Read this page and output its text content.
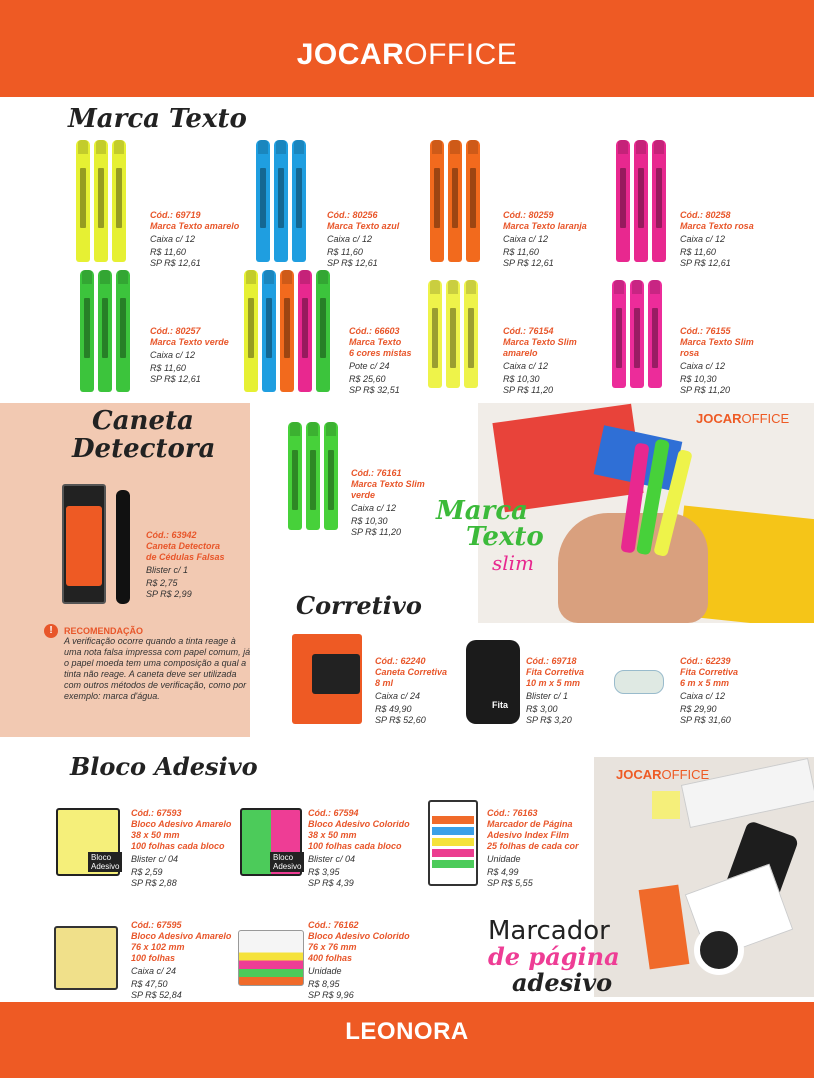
JOCAROFFICE
Marca Texto
Cód.: 69719
Marca Texto amarelo
Caixa c/ 12
R$ 11,60
SP R$ 12,61
Cód.: 80256
Marca Texto azul
Caixa c/ 12
R$ 11,60
SP R$ 12,61
Cód.: 80259
Marca Texto laranja
Caixa c/ 12
R$ 11,60
SP R$ 12,61
Cód.: 80258
Marca Texto rosa
Caixa c/ 12
R$ 11,60
SP R$ 12,61
Cód.: 80257
Marca Texto verde
Caixa c/ 12
R$ 11,60
SP R$ 12,61
Cód.: 66603
Marca Texto
6 cores mistas
Pote c/ 24
R$ 25,60
SP R$ 32,51
Cód.: 76154
Marca Texto Slim
amarelo
Caixa c/ 12
R$ 10,30
SP R$ 11,20
Cód.: 76155
Marca Texto Slim
rosa
Caixa c/ 12
R$ 10,30
SP R$ 11,20
Caneta
Detectora
Cód.: 63942
Caneta Detectora
de Cédulas Falsas
Blister c/ 1
R$ 2,75
SP R$ 2,99
!	RECOMENDAÇÃO
A verificação ocorre quando a tinta reage à uma nota falsa impressa com papel comum, já o papel moeda tem uma composição a qual a tinta não reage. A caneta deve ser utilizada com outros métodos de verificação, como por exemplo: marca d'água.
Cód.: 76161
Marca Texto Slim
verde
Caixa c/ 12
R$ 10,30
SP R$ 11,20
JOCAROFFICE
Marca
Texto
slim
Corretivo
Cód.: 62240
Caneta Corretiva
8 ml
Caixa c/ 24
R$ 49,90
SP R$ 52,60
Fita
Cód.: 69718
Fita Corretiva
10 m x 5 mm
Blister c/ 1
R$ 3,00
SP R$ 3,20
Cód.: 62239
Fita Corretiva
6 m x 5 mm
Caixa c/ 12
R$ 29,90
SP R$ 31,60
Bloco Adesivo
Bloco
Adesivo
Cód.: 67593
Bloco Adesivo Amarelo
38 x 50 mm
100 folhas cada bloco
Blister c/ 04
R$ 2,59
SP R$ 2,88
Bloco
Adesivo
Cód.: 67594
Bloco Adesivo Colorido
38 x 50 mm
100 folhas cada bloco
Blister c/ 04
R$ 3,95
SP R$ 4,39
Cód.: 76163
Marcador de Página
Adesivo Index Film
25 folhas de cada cor
Unidade
R$ 4,99
SP R$ 5,55
Cód.: 67595
Bloco Adesivo Amarelo
76 x 102 mm
100 folhas
Caixa c/ 24
R$ 47,50
SP R$ 52,84
Cód.: 76162
Bloco Adesivo Colorido
76 x 76 mm
400 folhas
Unidade
R$ 8,95
SP R$ 9,96
JOCAROFFICE
Marcador
de página
adesivo
LEONORA
